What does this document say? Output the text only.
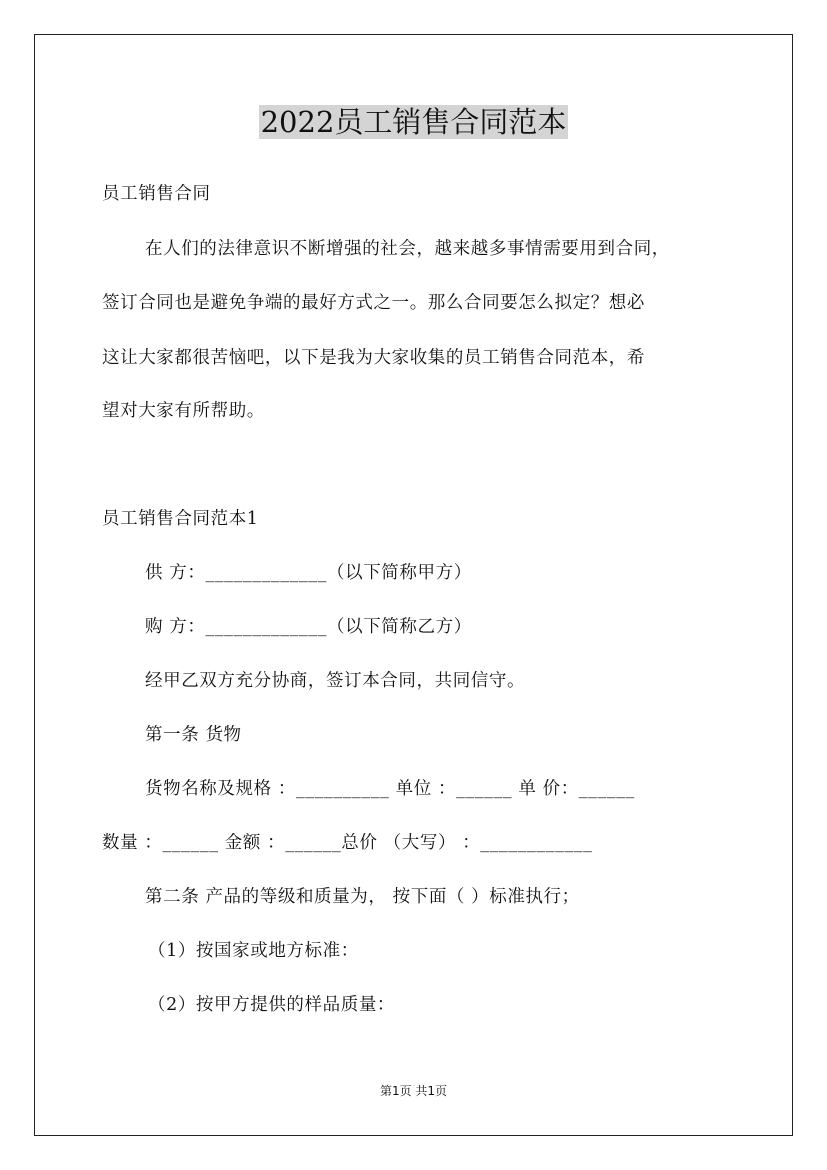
2022员工销售合同范本

员工销售合同

在人们的法律意识不断增强的社会，越来越多事情需要用到合同，

签订合同也是避免争端的最好方式之一。那么合同要怎么拟定？想必

这让大家都很苦恼吧，以下是我为大家收集的员工销售合同范本，希

望对大家有所帮助。

员工销售合同范本1

供 方：_____________（以下简称甲方）

购 方：_____________（以下简称乙方）

经甲乙双方充分协商，签订本合同，共同信守。

第一条 货物

货物名称及规格 ：__________ 单位 ：______ 单 价：______

数量 ：______ 金额 ：______总价 （大写） ：____________

第二条 产品的等级和质量为， 按下面（ ）标准执行；

（1）按国家或地方标准：

（2）按甲方提供的样品质量：

第1页 共1页
